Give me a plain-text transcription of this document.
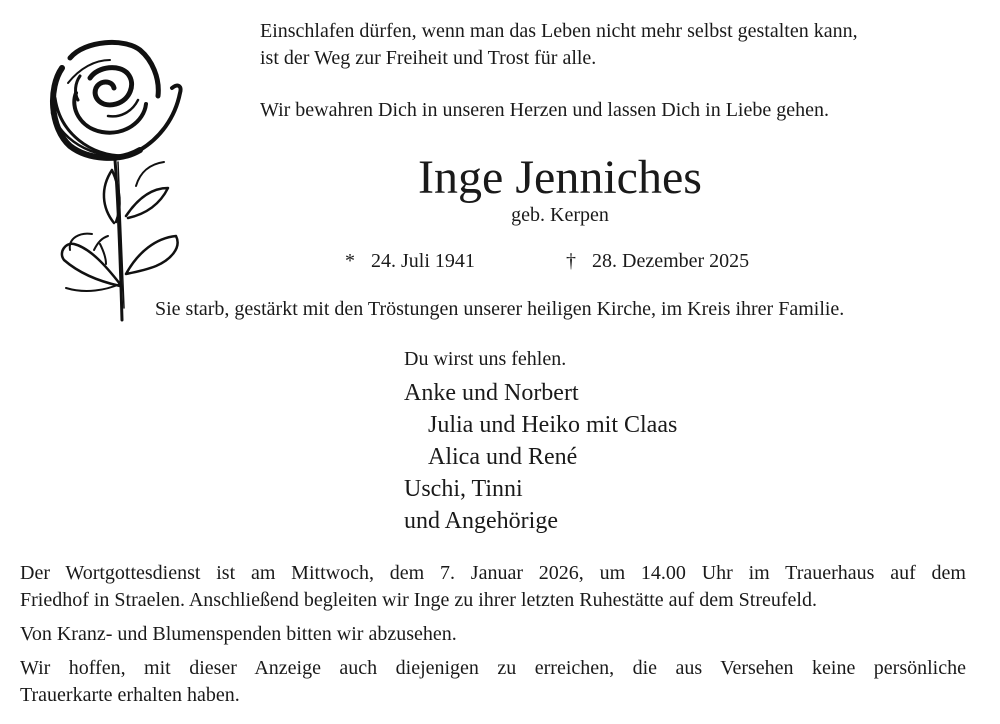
Einschlafen dürfen, wenn man das Leben nicht mehr selbst gestalten kann,
ist der Weg zur Freiheit und Trost für alle.
Wir bewahren Dich in unseren Herzen und lassen Dich in Liebe gehen.
Inge Jenniches
geb. Kerpen
* 24. Juli 1941	† 28. Dezember 2025
Sie starb, gestärkt mit den Tröstungen unserer heiligen Kirche, im Kreis ihrer Familie.
Du wirst uns fehlen.
Anke und Norbert
Julia und Heiko mit Claas
Alica und René
Uschi, Tinni
und Angehörige
Der Wortgottesdienst ist am Mittwoch, dem 7. Januar 2026, um 14.00 Uhr im Trauerhaus auf dem
Friedhof in Straelen. Anschließend begleiten wir Inge zu ihrer letzten Ruhestätte auf dem Streufeld.
Von Kranz- und Blumenspenden bitten wir abzusehen.
Wir hoffen, mit dieser Anzeige auch diejenigen zu erreichen, die aus Versehen keine persönliche
Trauerkarte erhalten haben.
